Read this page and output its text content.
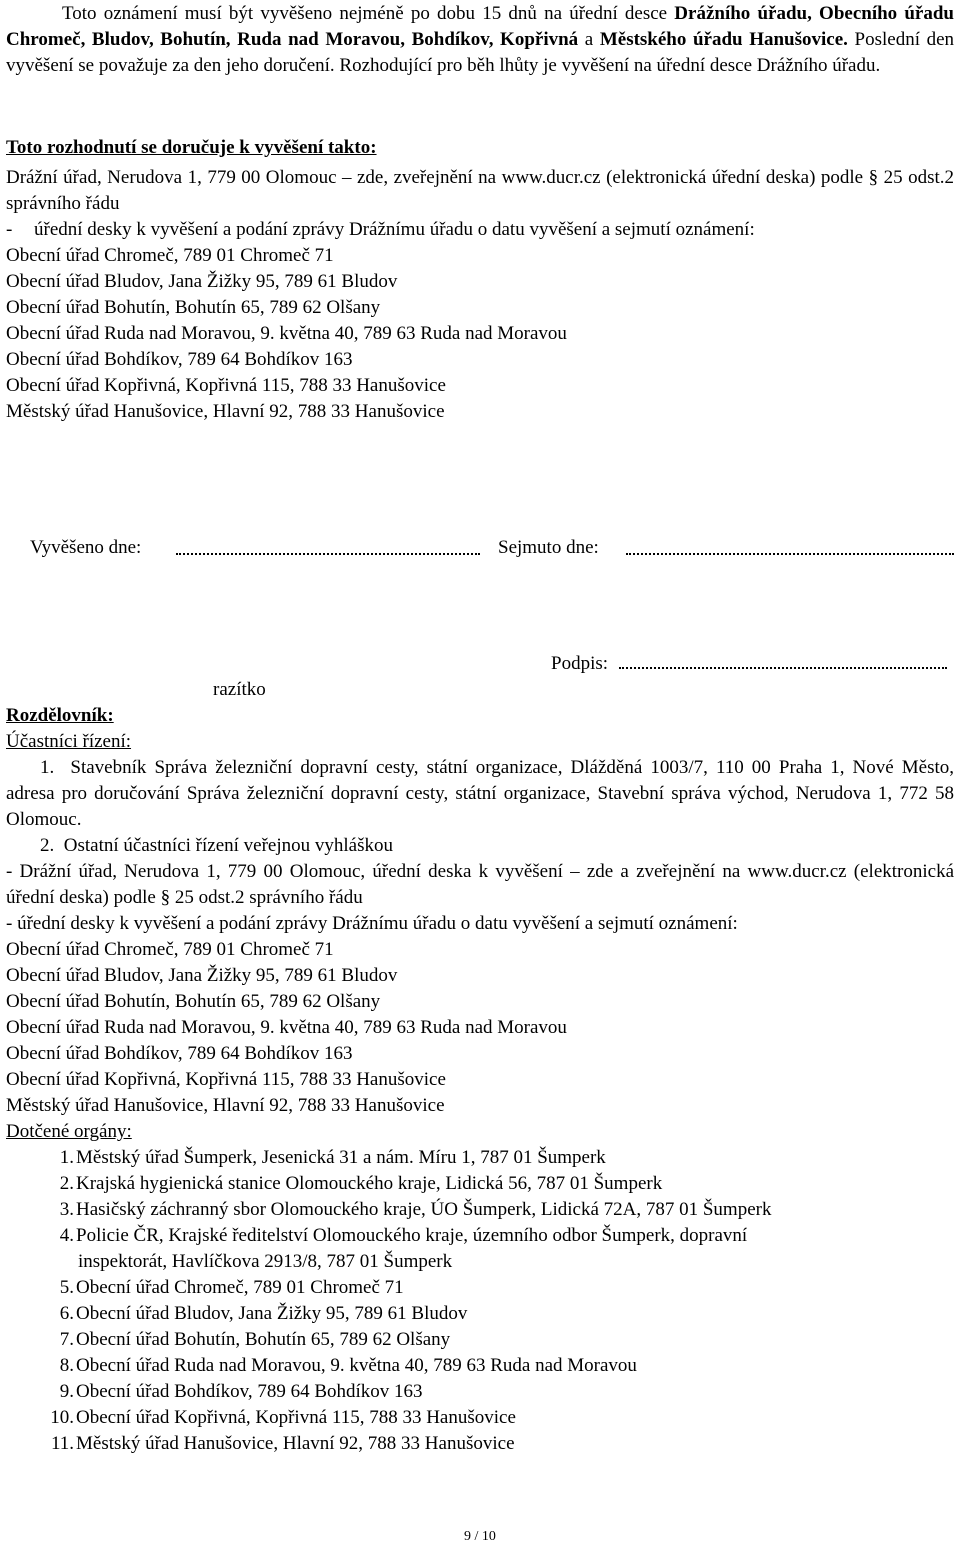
Toto oznámení musí být vyvěšeno nejméně po dobu 15 dnů na úřední desce Drážního úřadu, Obecního úřadu Chromeč, Bludov, Bohutín, Ruda nad Moravou, Bohdíkov, Kopřivná a Městského úřadu Hanušovice. Poslední den vyvěšení se považuje za den jeho doručení. Rozhodující pro běh lhůty je vyvěšení na úřední desce Drážního úřadu.

Toto rozhodnutí se doručuje k vyvěšení takto:

Drážní úřad, Nerudova 1, 779 00 Olomouc – zde, zveřejnění na www.ducr.cz (elektronická úřední deska) podle § 25 odst.2 správního řádu

- úřední desky k vyvěšení a podání zprávy Drážnímu úřadu o datu vyvěšení a sejmutí oznámení:

Obecní úřad Chromeč, 789 01 Chromeč 71

Obecní úřad Bludov, Jana Žižky 95, 789 61 Bludov

Obecní úřad Bohutín, Bohutín 65, 789 62 Olšany

Obecní úřad Ruda nad Moravou, 9. května 40, 789 63 Ruda nad Moravou

Obecní úřad Bohdíkov, 789 64 Bohdíkov 163

Obecní úřad Kopřivná, Kopřivná 115, 788 33 Hanušovice

Městský úřad Hanušovice, Hlavní 92, 788 33 Hanušovice

Vyvěšeno dne:	Sejmuto dne:
Podpis:
razítko

Rozdělovník:

Účastníci řízení:

1. Stavebník Správa železniční dopravní cesty, státní organizace, Dlážděná 1003/7, 110 00 Praha 1, Nové Město, adresa pro doručování Správa železniční dopravní cesty, státní organizace, Stavební správa východ, Nerudova 1, 772 58 Olomouc.

2. Ostatní účastníci řízení veřejnou vyhláškou

- Drážní úřad, Nerudova 1, 779 00 Olomouc, úřední deska k vyvěšení – zde a zveřejnění na www.ducr.cz (elektronická úřední deska) podle § 25 odst.2 správního řádu

- úřední desky k vyvěšení a podání zprávy Drážnímu úřadu o datu vyvěšení a sejmutí oznámení:

Obecní úřad Chromeč, 789 01 Chromeč 71

Obecní úřad Bludov, Jana Žižky 95, 789 61 Bludov

Obecní úřad Bohutín, Bohutín 65, 789 62 Olšany

Obecní úřad Ruda nad Moravou, 9. května 40, 789 63 Ruda nad Moravou

Obecní úřad Bohdíkov, 789 64 Bohdíkov 163

Obecní úřad Kopřivná, Kopřivná 115, 788 33 Hanušovice

Městský úřad Hanušovice, Hlavní 92, 788 33 Hanušovice

Dotčené orgány:

1. Městský úřad Šumperk, Jesenická 31 a nám. Míru 1, 787 01 Šumperk

2. Krajská hygienická stanice Olomouckého kraje, Lidická 56, 787 01 Šumperk

3. Hasičský záchranný sbor Olomouckého kraje, ÚO Šumperk, Lidická 72A, 787 01 Šumperk

4. Policie ČR, Krajské ředitelství Olomouckého kraje, územního odbor Šumperk, dopravní

inspektorát, Havlíčkova 2913/8, 787 01 Šumperk

5. Obecní úřad Chromeč, 789 01 Chromeč 71

6. Obecní úřad Bludov, Jana Žižky 95, 789 61 Bludov

7. Obecní úřad Bohutín, Bohutín 65, 789 62 Olšany

8. Obecní úřad Ruda nad Moravou, 9. května 40, 789 63 Ruda nad Moravou

9. Obecní úřad Bohdíkov, 789 64 Bohdíkov 163

10. Obecní úřad Kopřivná, Kopřivná 115, 788 33 Hanušovice

11. Městský úřad Hanušovice, Hlavní 92, 788 33 Hanušovice

9 / 10
